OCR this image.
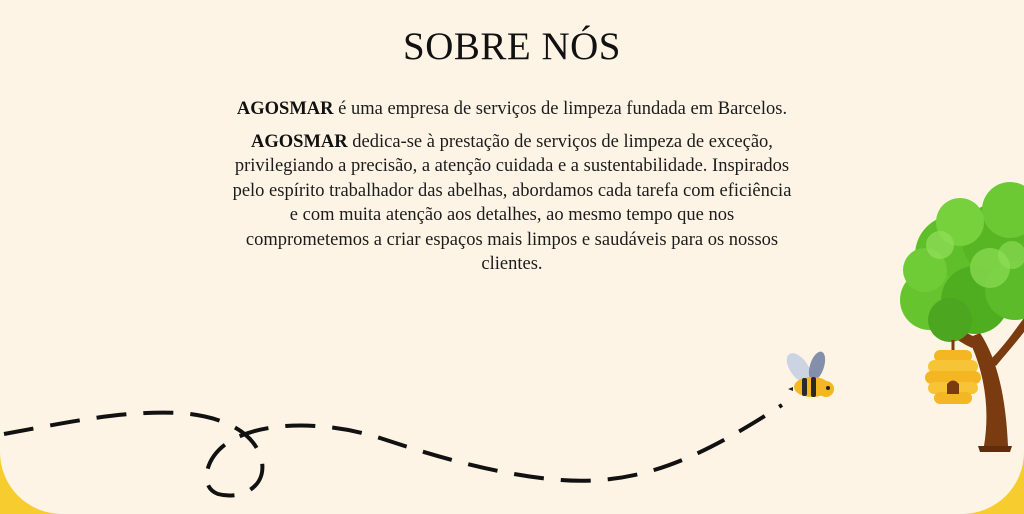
SOBRE NÓS

AGOSMAR é uma empresa de serviços de limpeza fundada em Barcelos.

AGOSMAR dedica-se à prestação de serviços de limpeza de exceção, privilegiando a precisão, a atenção cuidada e a sustentabilidade. Inspirados pelo espírito trabalhador das abelhas, abordamos cada tarefa com eficiência e com muita atenção aos detalhes, ao mesmo tempo que nos comprometemos a criar espaços mais limpos e saudáveis para os nossos clientes.
